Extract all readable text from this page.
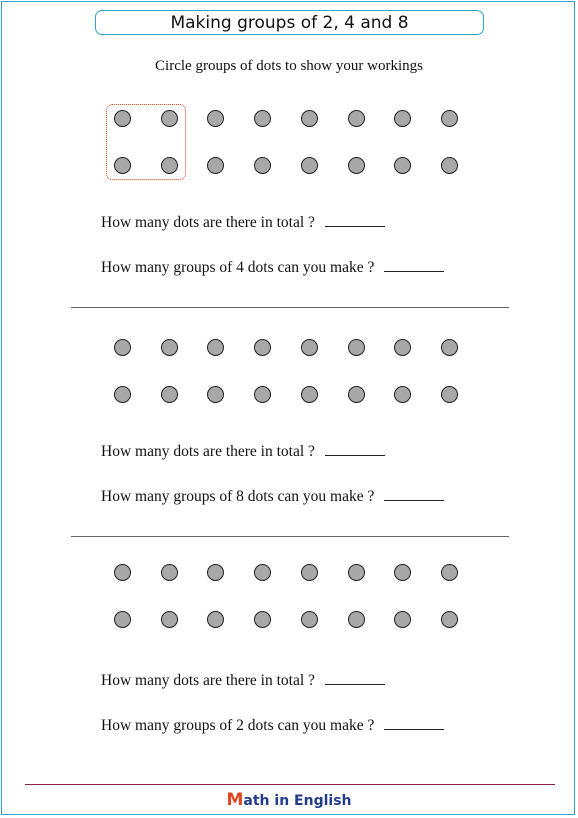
Making groups of 2, 4 and 8
Circle groups of dots to show your workings
How many dots are there in total ?
How many groups of 4 dots can you make ?
How many dots are there in total ?
How many groups of 8 dots can you make ?
How many dots are there in total ?
How many groups of 2 dots can you make ?
Math in English
